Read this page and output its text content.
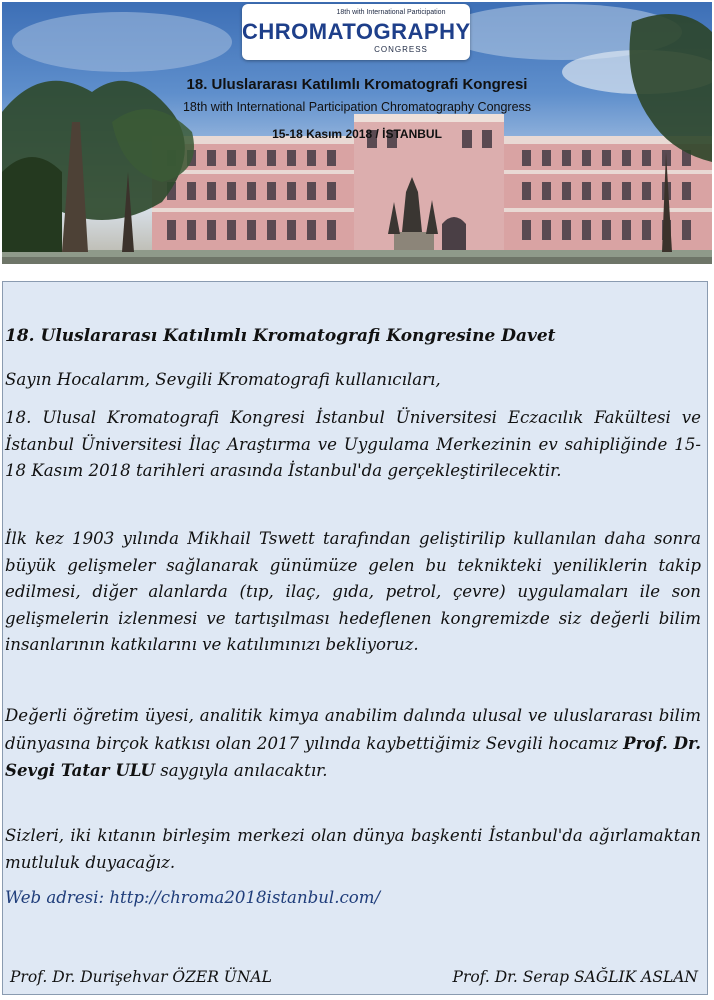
18th with International Participation
CHROMATOGRAPHY
CONGRESS
18. Uluslararası Katılımlı Kromatografi Kongresi
18th with International Participation Chromatography Congress
15-18 Kasım 2018 / İSTANBUL
18. Uluslararası Katılımlı Kromatografi Kongresine Davet

Sayın Hocalarım, Sevgili Kromatografi kullanıcıları,

18. Ulusal Kromatografi Kongresi İstanbul Üniversitesi Eczacılık Fakültesi ve İstanbul Üniversitesi İlaç Araştırma ve Uygulama Merkezinin ev sahipliğinde 15-18 Kasım 2018 tarihleri arasında İstanbul'da gerçekleştirilecektir.

İlk kez 1903 yılında Mikhail Tswett tarafından geliştirilip kullanılan daha sonra büyük gelişmeler sağlanarak günümüze gelen bu teknikteki yeniliklerin takip edilmesi, diğer alanlarda (tıp, ilaç, gıda, petrol, çevre) uygulamaları ile son gelişmelerin izlenmesi ve tartışılması hedeflenen kongremizde siz değerli bilim insanlarının katkılarını ve katılımınızı bekliyoruz.

Değerli öğretim üyesi, analitik kimya anabilim dalında ulusal ve uluslararası bilim dünyasına birçok katkısı olan 2017 yılında kaybettiğimiz Sevgili hocamız Prof. Dr. Sevgi Tatar ULU saygıyla anılacaktır.

Sizleri, iki kıtanın birleşim merkezi olan dünya başkenti İstanbul'da ağırlamaktan mutluluk duyacağız.

Web adresi: http://chroma2018istanbul.com/
Prof. Dr. Durişehvar ÖZER ÜNAL	Prof. Dr. Serap SAĞLIK ASLAN
